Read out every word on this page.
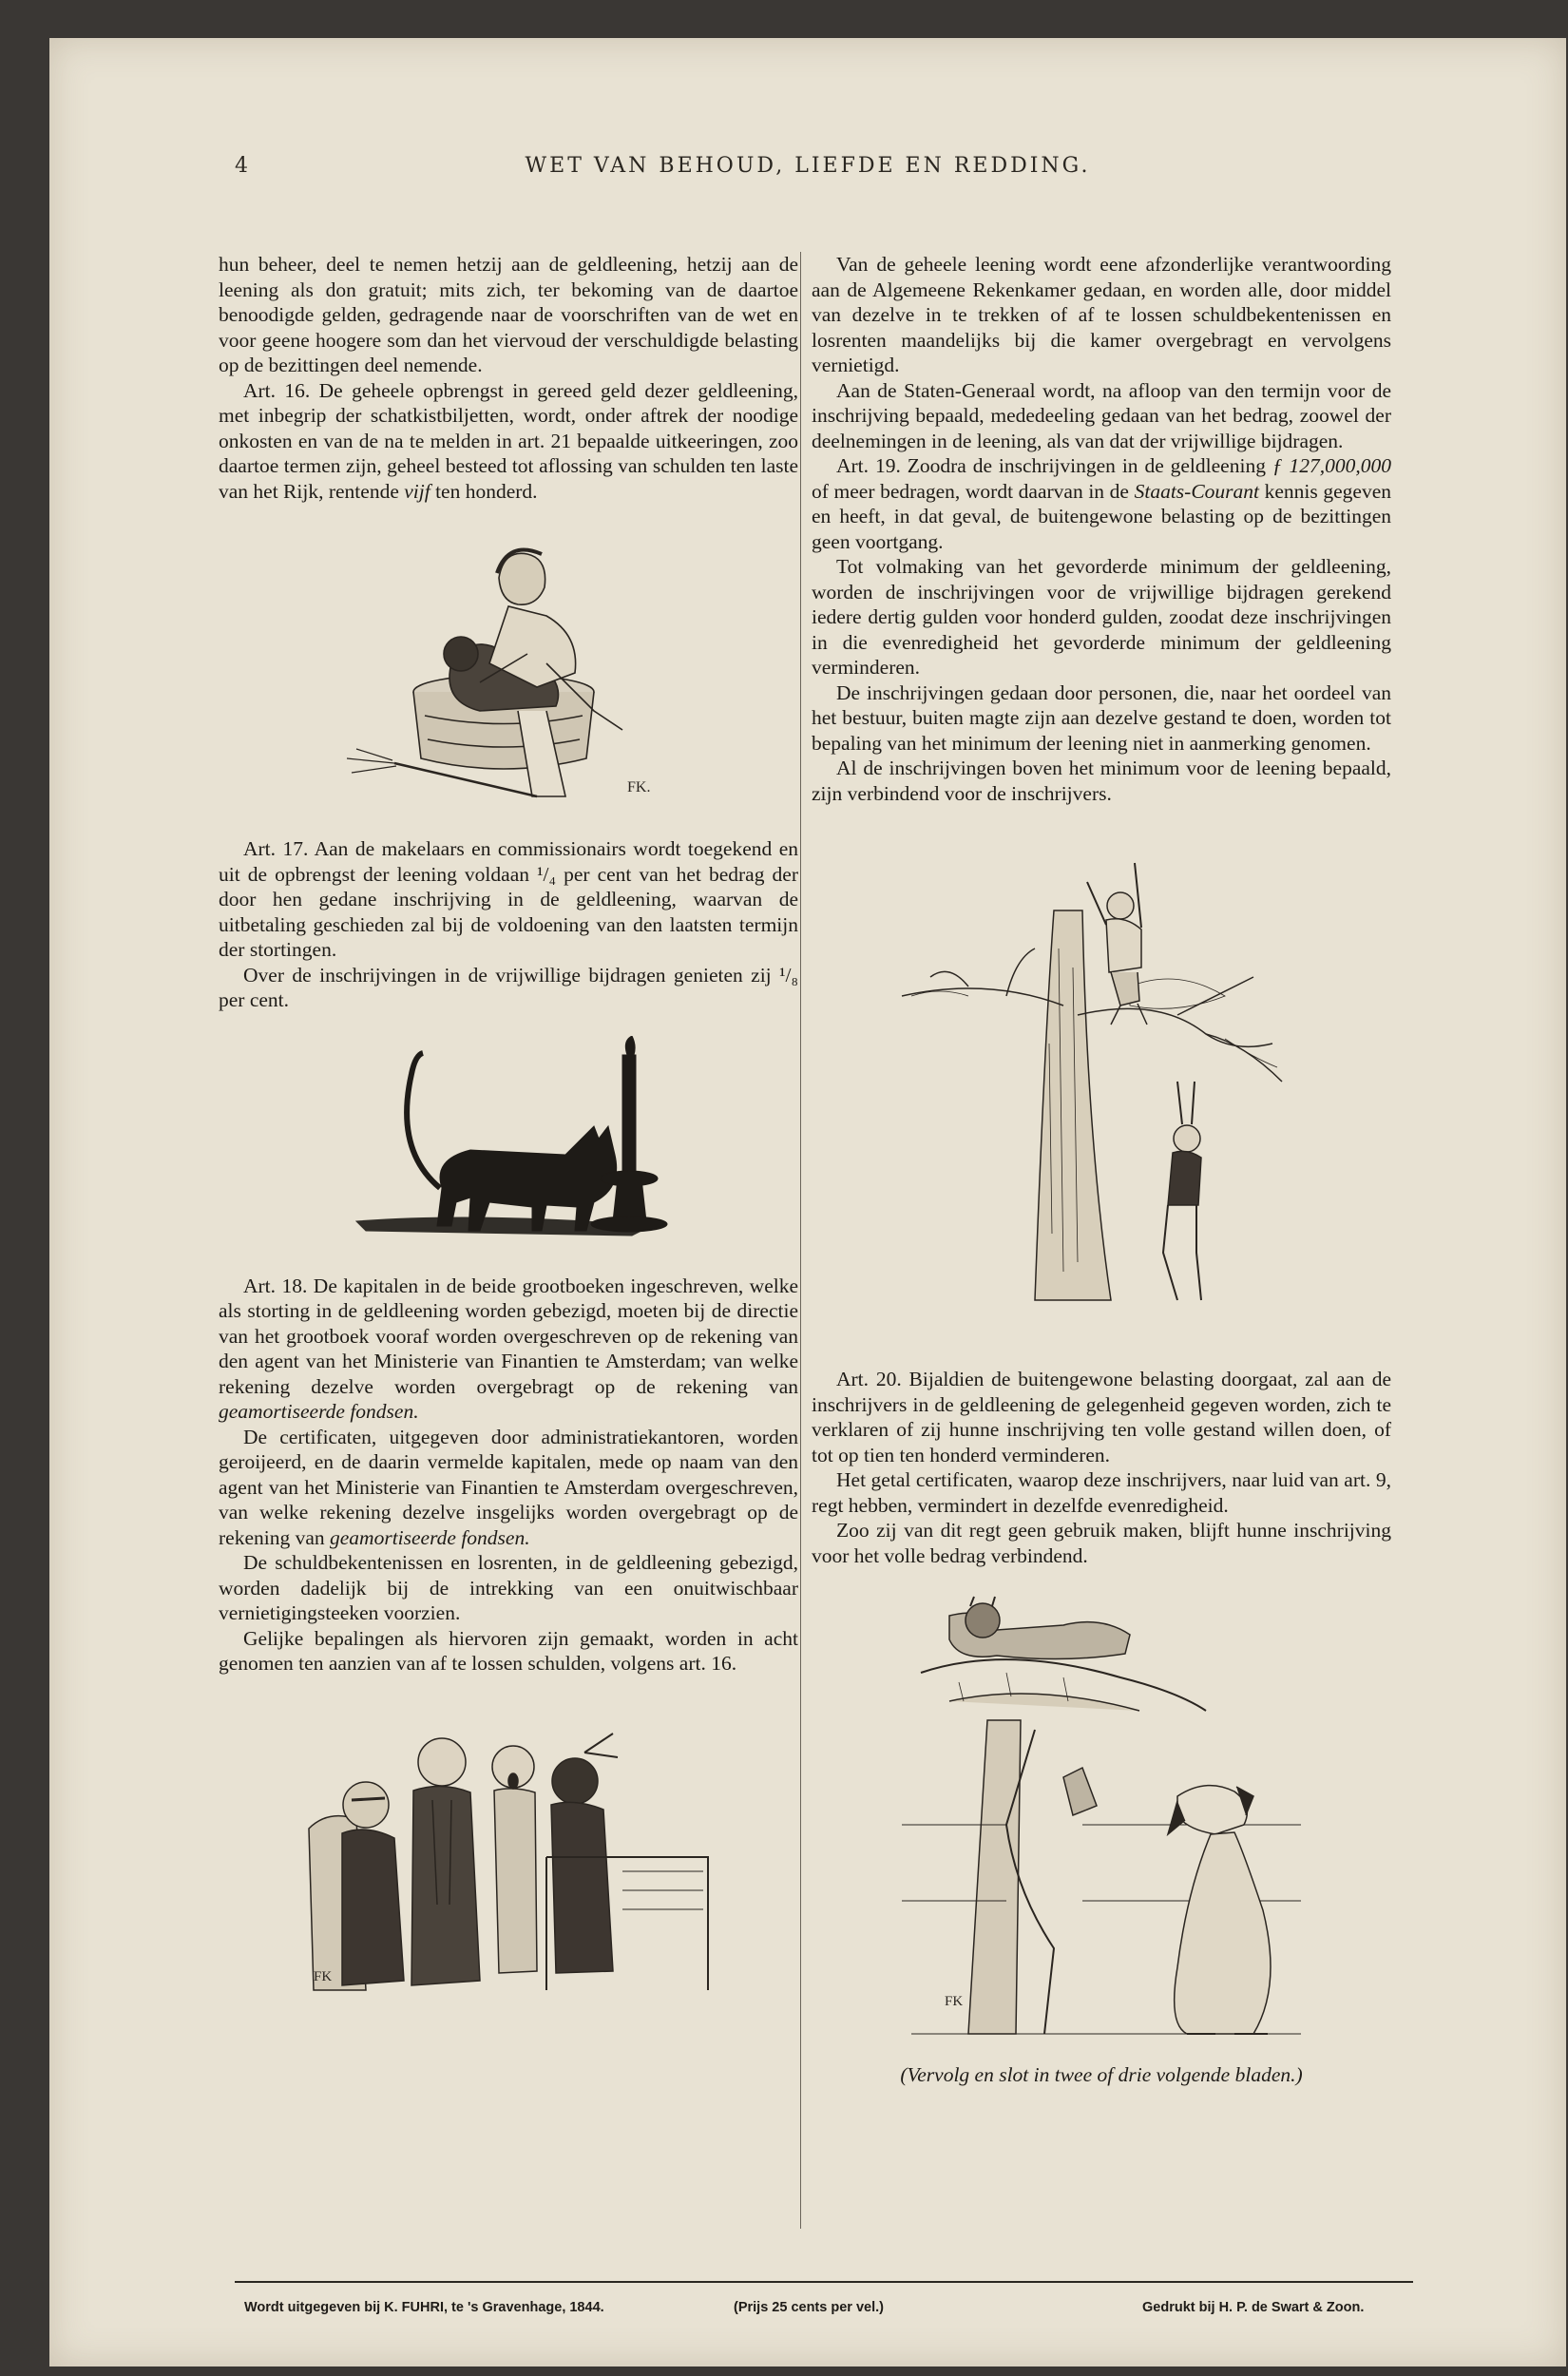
4	WET VAN BEHOUD, LIEFDE EN REDDING.

hun beheer, deel te nemen hetzij aan de geldleening, hetzij aan de leening als don gratuit; mits zich, ter bekoming van de daartoe benoodigde gelden, gedragende naar de voorschriften van de wet en voor geene hoogere som dan het viervoud der verschuldigde belasting op de bezittingen deel nemende.

Art. 16. De geheele opbrengst in gereed geld dezer geldleening, met inbegrip der schatkistbiljetten, wordt, onder aftrek der noodige onkosten en van de na te melden in art. 21 bepaalde uitkeeringen, zoo daartoe termen zijn, geheel besteed tot aflossing van schulden ten laste van het Rijk, rentende vijf ten honderd.

FK.

Art. 17. Aan de makelaars en commissionairs wordt toegekend en uit de opbrengst der leening voldaan ¹/₄ per cent van het bedrag der door hen gedane inschrijving in de geldleening, waarvan de uitbetaling geschieden zal bij de voldoening van den laatsten termijn der stortingen.

Over de inschrijvingen in de vrijwillige bijdragen genieten zij ¹/₈ per cent.

Art. 18. De kapitalen in de beide grootboeken ingeschreven, welke als storting in de geldleening worden gebezigd, moeten bij de directie van het grootboek vooraf worden overgeschreven op de rekening van den agent van het Ministerie van Finantien te Amsterdam; van welke rekening dezelve worden overgebragt op de rekening van geamortiseerde fondsen.

De certificaten, uitgegeven door administratiekantoren, worden geroijeerd, en de daarin vermelde kapitalen, mede op naam van den agent van het Ministerie van Finantien te Amsterdam overgeschreven, van welke rekening dezelve insgelijks worden overgebragt op de rekening van geamortiseerde fondsen.

De schuldbekentenissen en losrenten, in de geldleening gebezigd, worden dadelijk bij de intrekking van een onuitwischbaar vernietigingsteeken voorzien.

Gelijke bepalingen als hiervoren zijn gemaakt, worden in acht genomen ten aanzien van af te lossen schulden, volgens art. 16.

FK

Van de geheele leening wordt eene afzonderlijke verantwoording aan de Algemeene Rekenkamer gedaan, en worden alle, door middel van dezelve in te trekken of af te lossen schuldbekentenissen en losrenten maandelijks bij die kamer overgebragt en vervolgens vernietigd.

Aan de Staten-Generaal wordt, na afloop van den termijn voor de inschrijving bepaald, mededeeling gedaan van het bedrag, zoowel der deelnemingen in de leening, als van dat der vrijwillige bijdragen.

Art. 19. Zoodra de inschrijvingen in de geldleening ƒ 127,000,000 of meer bedragen, wordt daarvan in de Staats-Courant kennis gegeven en heeft, in dat geval, de buitengewone belasting op de bezittingen geen voortgang.

Tot volmaking van het gevorderde minimum der geldleening, worden de inschrijvingen voor de vrijwillige bijdragen gerekend iedere dertig gulden voor honderd gulden, zoodat deze inschrijvingen in die evenredigheid het gevorderde minimum der geldleening verminderen.

De inschrijvingen gedaan door personen, die, naar het oordeel van het bestuur, buiten magte zijn aan dezelve gestand te doen, worden tot bepaling van het minimum der leening niet in aanmerking genomen.

Al de inschrijvingen boven het minimum voor de leening bepaald, zijn verbindend voor de inschrijvers.

Art. 20. Bijaldien de buitengewone belasting doorgaat, zal aan de inschrijvers in de geldleening de gelegenheid gegeven worden, zich te verklaren of zij hunne inschrijving ten volle gestand willen doen, of tot op tien ten honderd verminderen.

Het getal certificaten, waarop deze inschrijvers, naar luid van art. 9, regt hebben, vermindert in dezelfde evenredigheid.

Zoo zij van dit regt geen gebruik maken, blijft hunne inschrijving voor het volle bedrag verbindend.

FK

(Vervolg en slot in twee of drie volgende bladen.)

Wordt uitgegeven bij K. FUHRI, te 's Gravenhage, 1844.	(Prijs 25 cents per vel.)	Gedrukt bij H. P. de Swart & Zoon.
